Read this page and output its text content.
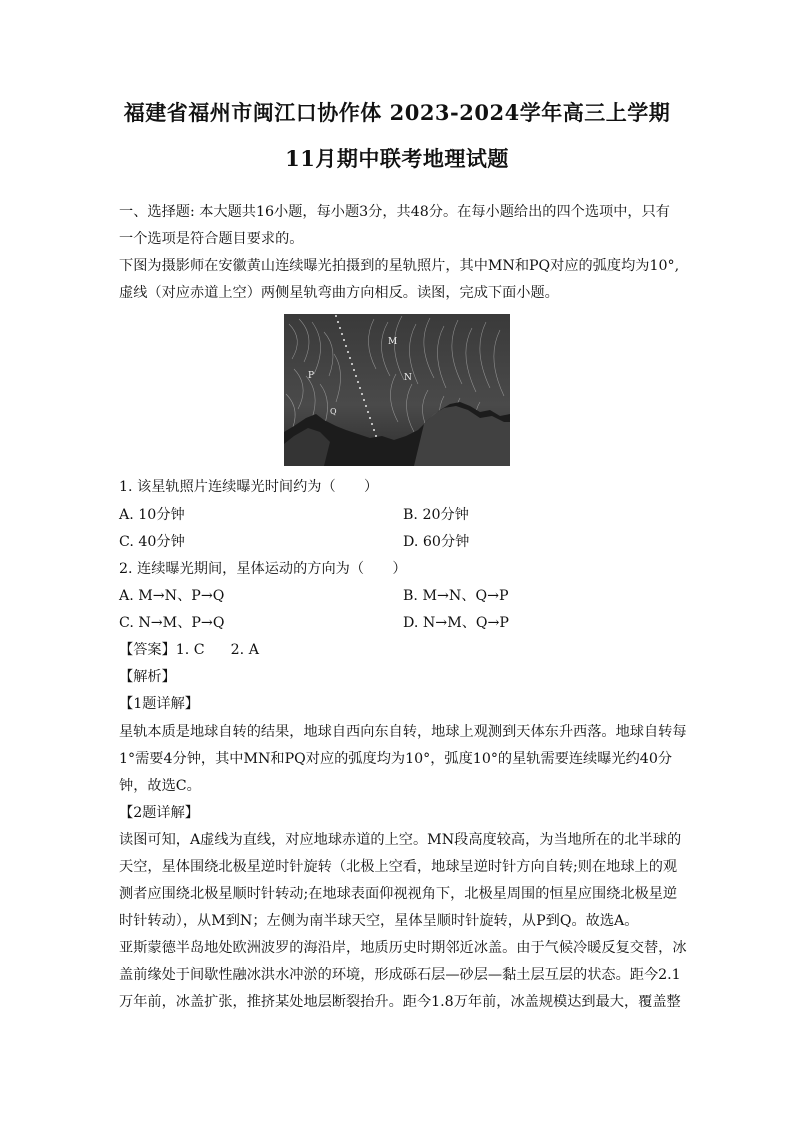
福建省福州市闽江口协作体 2023-2024学年高三上学期
11月期中联考地理试题
一、选择题: 本大题共16小题，每小题3分，共48分。在每小题给出的四个选项中，只有
一个选项是符合题目要求的。
下图为摄影师在安徽黄山连续曝光拍摄到的星轨照片，其中MN和PQ对应的弧度均为10°,
虚线（对应赤道上空）两侧星轨弯曲方向相反。读图，完成下面小题。
M
N
P
Q
1. 该星轨照片连续曝光时间约为（　　）
A. 10分钟	B. 20分钟
C. 40分钟	D. 60分钟
2. 连续曝光期间，星体运动的方向为（　　）
A. M→N、P→Q	B. M→N、Q→P
C. N→M、P→Q	D. N→M、Q→P
【答案】1. C 2. A
【解析】
【1题详解】
星轨本质是地球自转的结果，地球自西向东自转，地球上观测到天体东升西落。地球自转每
1°需要4分钟，其中MN和PQ对应的弧度均为10°，弧度10°的星轨需要连续曝光约40分
钟，故选C。
【2题详解】
读图可知，A虚线为直线，对应地球赤道的上空。MN段高度较高，为当地所在的北半球的
天空，星体围绕北极星逆时针旋转（北极上空看，地球呈逆时针方向自转;则在地球上的观
测者应围绕北极星顺时针转动;在地球表面仰视视角下，北极星周围的恒星应围绕北极星逆
时针转动），从M到N；左侧为南半球天空，星体呈顺时针旋转，从P到Q。故选A。
亚斯蒙德半岛地处欧洲波罗的海沿岸，地质历史时期邻近冰盖。由于气候冷暖反复交替，冰
盖前缘处于间歇性融冰洪水冲淤的环境，形成砾石层—砂层—黏土层互层的状态。距今2.1
万年前，冰盖扩张，推挤某处地层断裂抬升。距今1.8万年前，冰盖规模达到最大，覆盖整
